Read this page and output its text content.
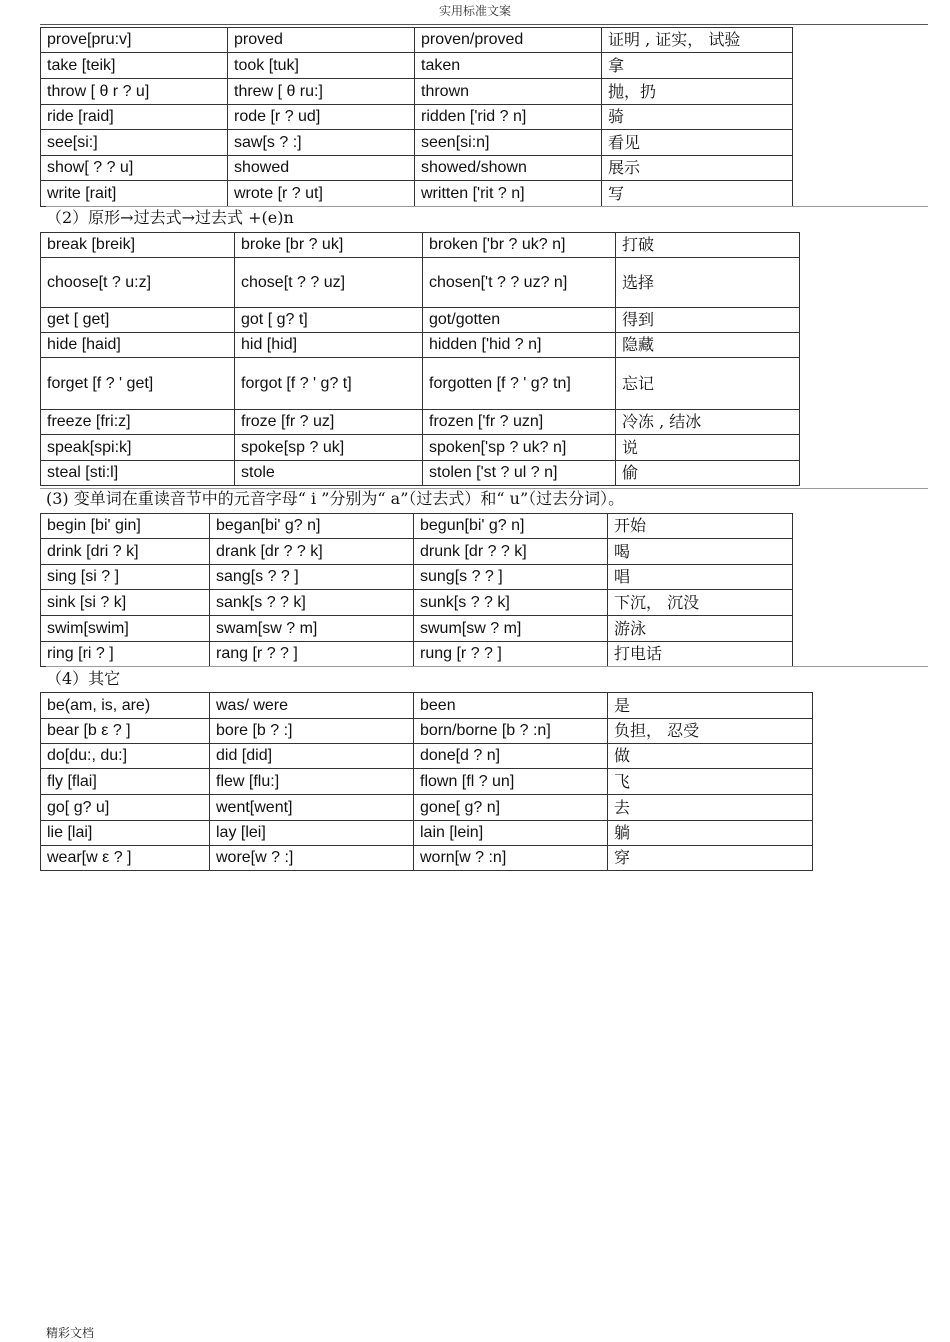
实用标准文案
prove[pru:v]	proved	proven/proved	证明 , 证实， 试验
take [teik]	took [tuk]	taken	拿
throw [ θ r ? u]	threw [ θ ru:]	thrown	抛，扔
ride [raid]	rode [r ? ud]	ridden ['rid ? n]	骑
see[si:]	saw[s ? :]	seen[si:n]	看见
show[ ? ? u]	showed	showed/shown	展示
write [rait]	wrote [r ? ut]	written ['rit ? n]	写
（2）原形→过去式→过去式 +(e)n
break [breik]	broke [br ? uk]	broken ['br ? uk? n]	打破
choose[t ? u:z]	chose[t ? ? uz]	chosen['t ? ? uz? n]	选择
get [ ɡet]	got [ ɡ? t]	got/gotten	得到
hide [haid]	hid [hid]	hidden ['hid ? n]	隐藏
forget [f ? ' ɡet]	forgot [f ? ' ɡ? t]	forgotten [f ? ' ɡ? tn]	忘记
freeze [fri:z]	froze [fr ? uz]	frozen ['fr ? uzn]	冷冻 , 结冰
speak[spi:k]	spoke[sp ? uk]	spoken['sp ? uk? n]	说
steal [sti:l]	stole	stolen ['st ? ul ? n]	偷
(3) 变单词在重读音节中的元音字母“ i ”分别为“ a”（过去式）和“ u”（过去分词）。
begin [bi' ɡin]	began[bi' ɡ? n]	begun[bi' ɡ? n]	开始
drink [dri ? k]	drank [dr ? ? k]	drunk [dr ? ? k]	喝
sing [si ? ]	sang[s ? ? ]	sung[s ? ? ]	唱
sink [si ? k]	sank[s ? ? k]	sunk[s ? ? k]	下沉， 沉没
swim[swim]	swam[sw ? m]	swum[sw ? m]	游泳
ring [ri ? ]	rang [r ? ? ]	rung [r ? ? ]	打电话
（4）其它
be(am, is, are)	was/ were	been	是
bear [b ε ? ]	bore [b ? :]	born/borne [b ? :n]	负担， 忍受
do[du:, du:]	did [did]	done[d ? n]	做
fly [flai]	flew [flu:]	flown [fl ? un]	飞
go[ ɡ? u]	went[went]	gone[ ɡ? n]	去
lie [lai]	lay [lei]	lain [lein]	躺
wear[w ε ? ]	wore[w ? :]	worn[w ? :n]	穿
精彩文档
